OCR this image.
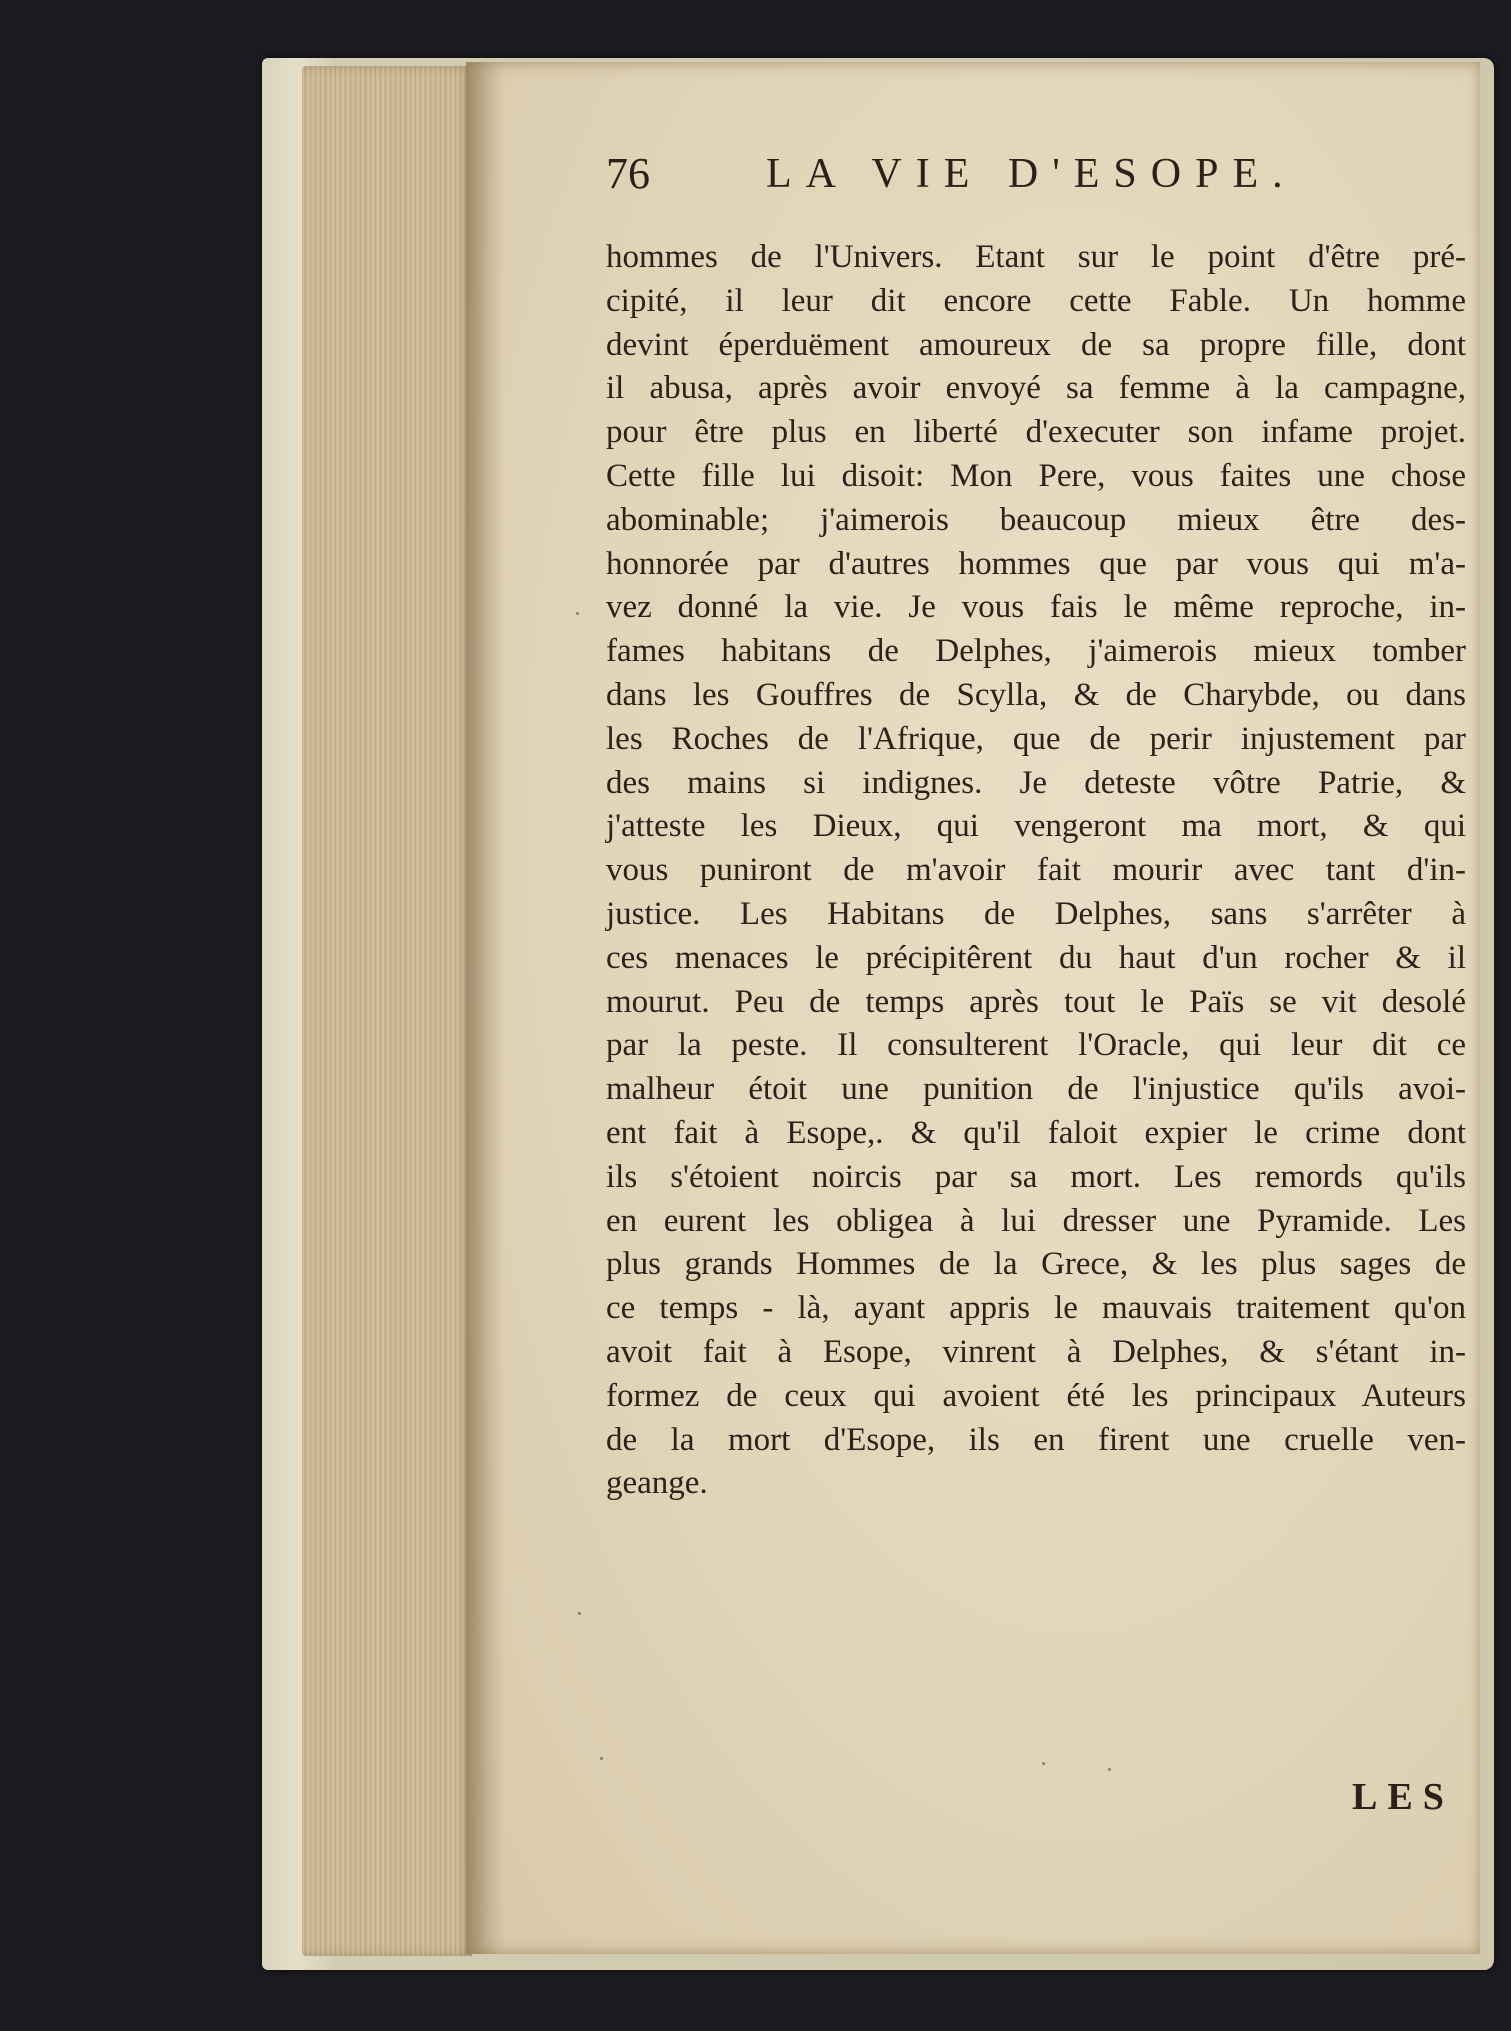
76	LA VIE D'ESOPE.
hommes de l'Univers. Etant sur le point d'être pré-
cipité, il leur dit encore cette Fable. Un homme
devint éperduëment amoureux de sa propre fille, dont
il abusa, après avoir envoyé sa femme à la campagne,
pour être plus en liberté d'executer son infame projet.
Cette fille lui disoit: Mon Pere, vous faites une chose
abominable; j'aimerois beaucoup mieux être des-
honnorée par d'autres hommes que par vous qui m'a-
vez donné la vie. Je vous fais le même reproche, in-
fames habitans de Delphes, j'aimerois mieux tomber
dans les Gouffres de Scylla, & de Charybde, ou dans
les Roches de l'Afrique, que de perir injustement par
des mains si indignes. Je deteste vôtre Patrie, &
j'atteste les Dieux, qui vengeront ma mort, & qui
vous puniront de m'avoir fait mourir avec tant d'in-
justice. Les Habitans de Delphes, sans s'arrêter à
ces menaces le précipitêrent du haut d'un rocher & il
mourut. Peu de temps après tout le Païs se vit desolé
par la peste. Il consulterent l'Oracle, qui leur dit ce
malheur étoit une punition de l'injustice qu'ils avoi-
ent fait à Esope,. & qu'il faloit expier le crime dont
ils s'étoient noircis par sa mort. Les remords qu'ils
en eurent les obligea à lui dresser une Pyramide. Les
plus grands Hommes de la Grece, & les plus sages de
ce temps - là, ayant appris le mauvais traitement qu'on
avoit fait à Esope, vinrent à Delphes, & s'étant in-
formez de ceux qui avoient été les principaux Auteurs
de la mort d'Esope, ils en firent une cruelle ven-
geange.
LES
